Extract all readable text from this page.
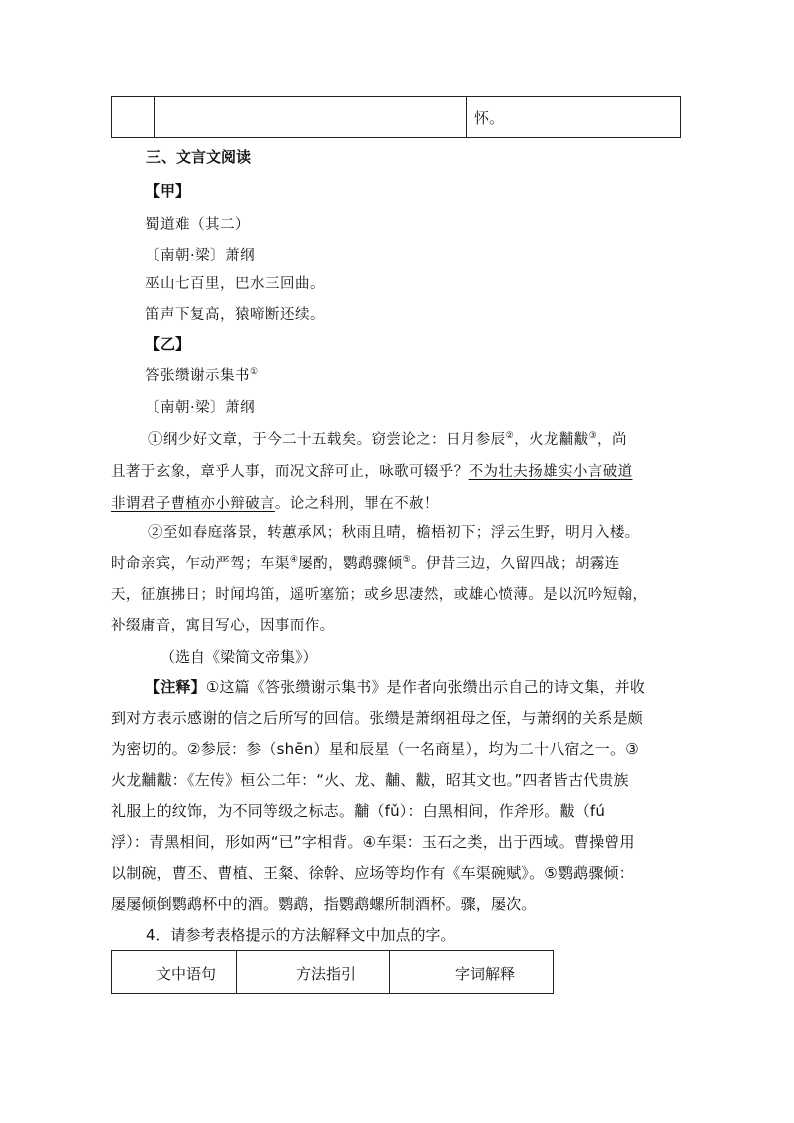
怀。
三、文言文阅读
【甲】
蜀道难（其二）
〔南朝·梁〕萧纲
巫山七百里，巴水三回曲。
笛声下复高，猿啼断还续。
【乙】
答张缵谢示集书①
〔南朝·梁〕萧纲
①纲少好文章，于今二十五载矣。窃尝论之：日月参辰②，火龙黼黻③，尚
且著于玄象，章乎人事，而况文辞可止，咏歌可辍乎？不为壮夫扬雄实小言破道
非谓君子曹植亦小辩破言。论之科刑，罪在不赦！
②至如春庭落景，转蕙承风；秋雨且晴，檐梧初下；浮云生野，明月入楼。
时命亲宾，乍动严驾；车渠④屡酌，鹦鹉骤倾⑤。伊昔三边，久留四战；胡霧连
天，征旗拂日；时闻坞笛，遥听塞笳；或乡思凄然，或雄心愤薄。是以沉吟短翰，
补缀庸音，寓目写心，因事而作。
（选自《梁简文帝集》）
【注释】①这篇《答张缵谢示集书》是作者向张缵出示自己的诗文集，并收
到对方表示感谢的信之后所写的回信。张缵是萧纲祖母之侄，与萧纲的关系是颇
为密切的。②参辰：参（shēn）星和辰星（一名商星），均为二十八宿之一。③
火龙黼黻：《左传》桓公二年：“火、龙、黼、黻，昭其文也。”四者皆古代贵族
礼服上的纹饰，为不同等级之标志。黼（fǔ）：白黑相间，作斧形。黻（fú
浮）：青黑相间，形如两“已”字相背。④车渠：玉石之类，出于西域。曹操曾用
以制碗，曹丕、曹植、王粲、徐幹、应场等均作有《车渠碗赋》。⑤鹦鹉骤倾：
屡屡倾倒鹦鹉杯中的酒。鹦鹉，指鹦鹉螺所制酒杯。骤，屡次。
4．请参考表格提示的方法解释文中加点的字。
文中语句	方法指引	字词解释
